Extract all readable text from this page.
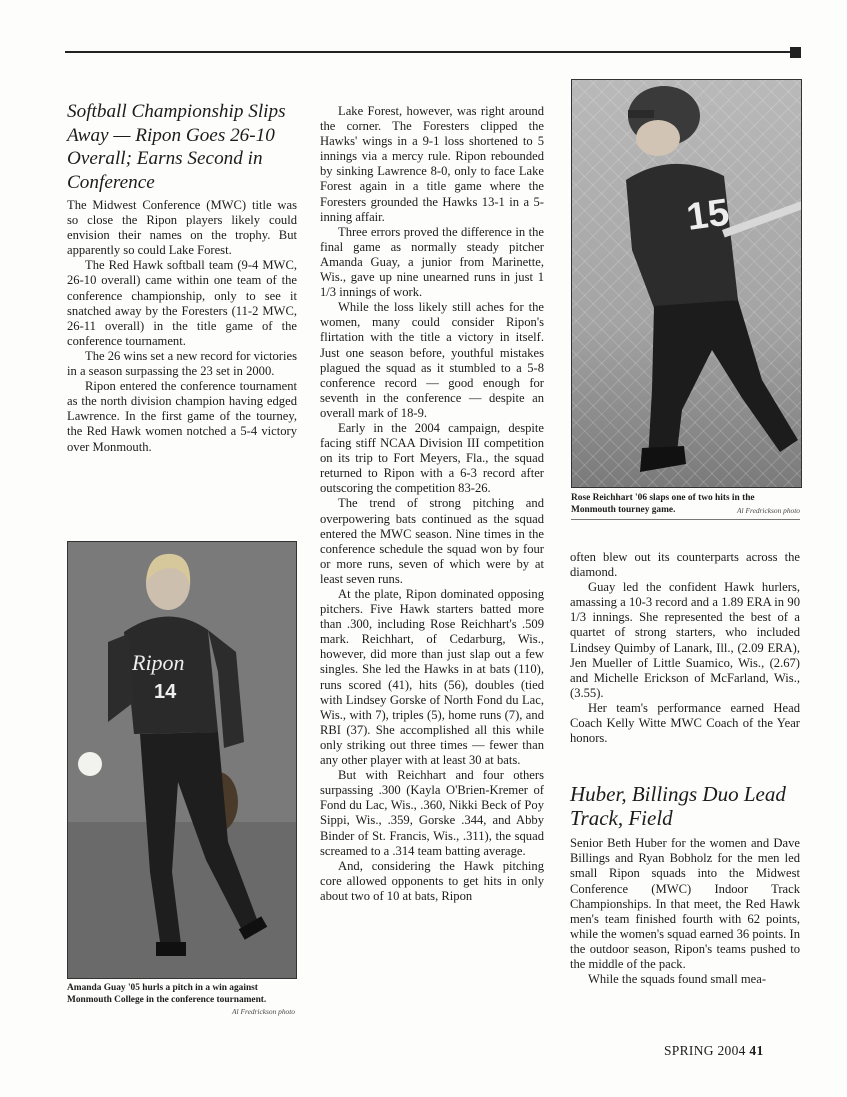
Softball Championship Slips Away — Ripon Goes 26-10 Overall; Earns Second in Conference

The Midwest Conference (MWC) title was so close the Ripon players likely could envision their names on the trophy. But apparently so could Lake Forest.

The Red Hawk softball team (9-4 MWC, 26-10 overall) came within one team of the conference championship, only to see it snatched away by the Foresters (11-2 MWC, 26-11 overall) in the title game of the conference tournament.

The 26 wins set a new record for victories in a season surpassing the 23 set in 2000.

Ripon entered the conference tournament as the north division champion having edged Lawrence. In the first game of the tourney, the Red Hawk women notched a 5-4 victory over Monmouth.

Ripon
14
Amanda Guay '05 hurls a pitch in a win against Monmouth College in the conference tournament.
Al Fredrickson photo

Lake Forest, however, was right around the corner. The Foresters clipped the Hawks' wings in a 9-1 loss shortened to 5 innings via a mercy rule. Ripon rebounded by sinking Lawrence 8-0, only to face Lake Forest again in a title game where the Foresters grounded the Hawks 13-1 in a 5-inning affair.

Three errors proved the difference in the final game as normally steady pitcher Amanda Guay, a junior from Marinette, Wis., gave up nine unearned runs in just 1 1/3 innings of work.

While the loss likely still aches for the women, many could consider Ripon's flirtation with the title a victory in itself. Just one season before, youthful mistakes plagued the squad as it stumbled to a 5-8 conference record — good enough for seventh in the conference — despite an overall mark of 18-9.

Early in the 2004 campaign, despite facing stiff NCAA Division III competition on its trip to Fort Meyers, Fla., the squad returned to Ripon with a 6-3 record after outscoring the competition 83-26.

The trend of strong pitching and overpowering bats continued as the squad entered the MWC season. Nine times in the conference schedule the squad won by four or more runs, seven of which were by at least seven runs.

At the plate, Ripon dominated opposing pitchers. Five Hawk starters batted more than .300, including Rose Reichhart's .509 mark. Reichhart, of Cedarburg, Wis., however, did more than just slap out a few singles. She led the Hawks in at bats (110), runs scored (41), hits (56), doubles (tied with Lindsey Gorske of North Fond du Lac, Wis., with 7), triples (5), home runs (7), and RBI (37). She accomplished all this while only striking out three times — fewer than any other player with at least 30 at bats.

But with Reichhart and four others surpassing .300 (Kayla O'Brien-Kremer of Fond du Lac, Wis., .360, Nikki Beck of Poy Sippi, Wis., .359, Gorske .344, and Abby Binder of St. Francis, Wis., .311), the squad screamed to a .314 team batting average.

And, considering the Hawk pitching core allowed opponents to get hits in only about two of 10 at bats, Ripon

15
Rose Reichhart '06 slaps one of two hits in the Monmouth tourney game.	Al Fredrickson photo

often blew out its counterparts across the diamond.

Guay led the confident Hawk hurlers, amassing a 10-3 record and a 1.89 ERA in 90 1/3 innings. She represented the best of a quartet of strong starters, who included Lindsey Quimby of Lanark, Ill., (2.09 ERA), Jen Mueller of Little Suamico, Wis., (2.67) and Michelle Erickson of McFarland, Wis., (3.55).

Her team's performance earned Head Coach Kelly Witte MWC Coach of the Year honors.

Huber, Billings Duo Lead Track, Field

Senior Beth Huber for the women and Dave Billings and Ryan Bobholz for the men led small Ripon squads into the Midwest Conference (MWC) Indoor Track Championships. In that meet, the Red Hawk men's team finished fourth with 62 points, while the women's squad earned 36 points. In the outdoor season, Ripon's teams pushed to the middle of the pack.

While the squads found small mea-

SPRING 2004 41
